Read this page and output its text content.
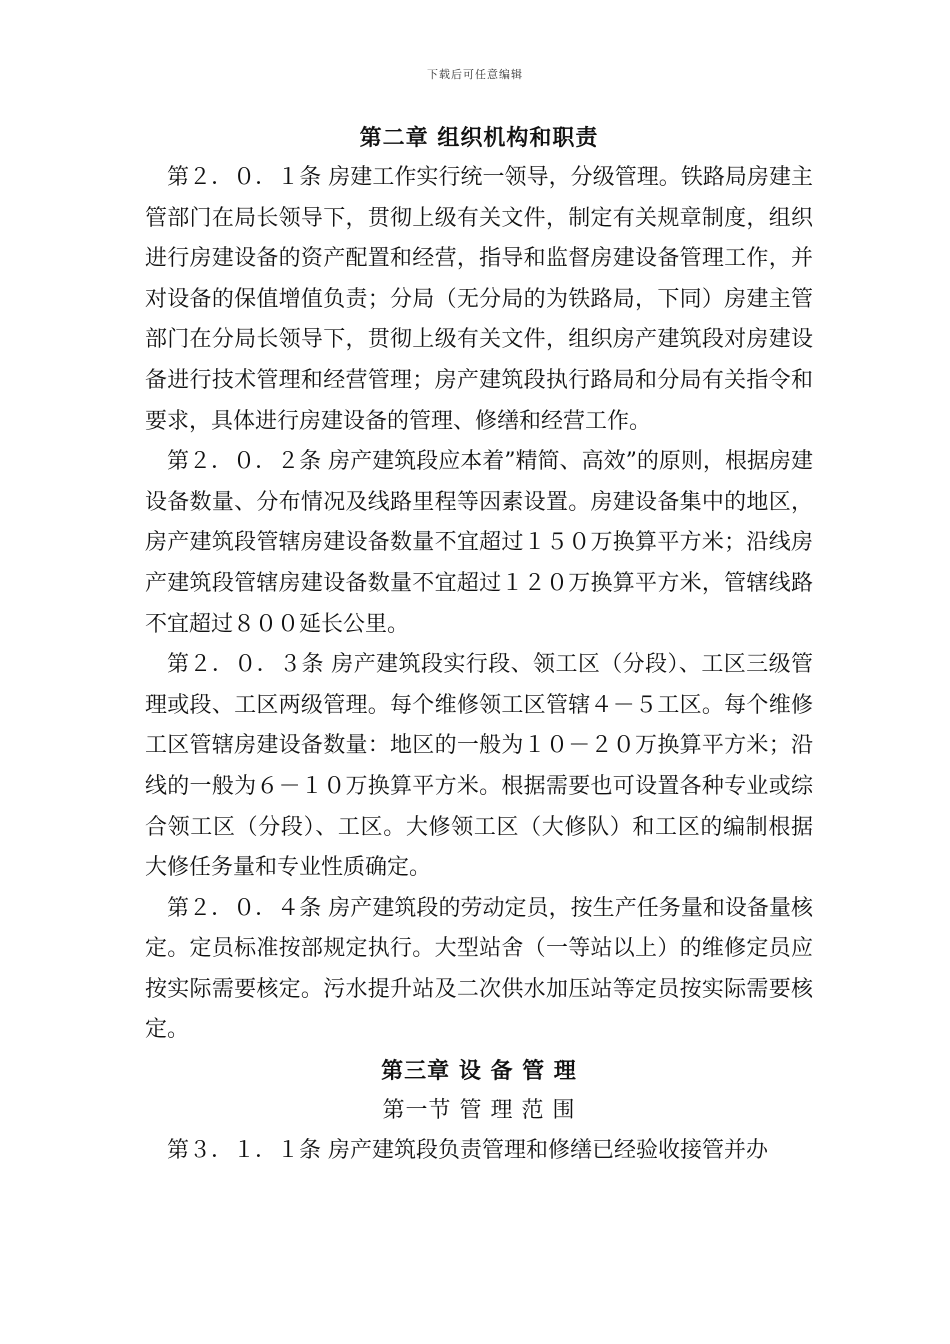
下载后可任意编辑
第二章 组织机构和职责

第２．０．１条 房建工作实行统一领导，分级管理。铁路局房建主管部门在局长领导下，贯彻上级有关文件，制定有关规章制度，组织进行房建设备的资产配置和经营，指导和监督房建设备管理工作，并对设备的保值增值负责；分局（无分局的为铁路局，下同）房建主管部门在分局长领导下，贯彻上级有关文件，组织房产建筑段对房建设备进行技术管理和经营管理；房产建筑段执行路局和分局有关指令和要求，具体进行房建设备的管理、修缮和经营工作。

第２．０．２条 房产建筑段应本着”精简、高效”的原则，根据房建设备数量、分布情况及线路里程等因素设置。房建设备集中的地区，房产建筑段管辖房建设备数量不宜超过１５０万换算平方米；沿线房产建筑段管辖房建设备数量不宜超过１２０万换算平方米，管辖线路不宜超过８００延长公里。

第２．０．３条 房产建筑段实行段、领工区（分段）、工区三级管理或段、工区两级管理。每个维修领工区管辖４－５工区。每个维修工区管辖房建设备数量：地区的一般为１０－２０万换算平方米；沿线的一般为６－１０万换算平方米。根据需要也可设置各种专业或综合领工区（分段）、工区。大修领工区（大修队）和工区的编制根据大修任务量和专业性质确定。

第２．０．４条 房产建筑段的劳动定员，按生产任务量和设备量核定。定员标准按部规定执行。大型站舍（一等站以上）的维修定员应按实际需要核定。污水提升站及二次供水加压站等定员按实际需要核定。

第三章 设 备 管 理
第一节 管 理 范 围

第３．１．１条 房产建筑段负责管理和修缮已经验收接管并办
